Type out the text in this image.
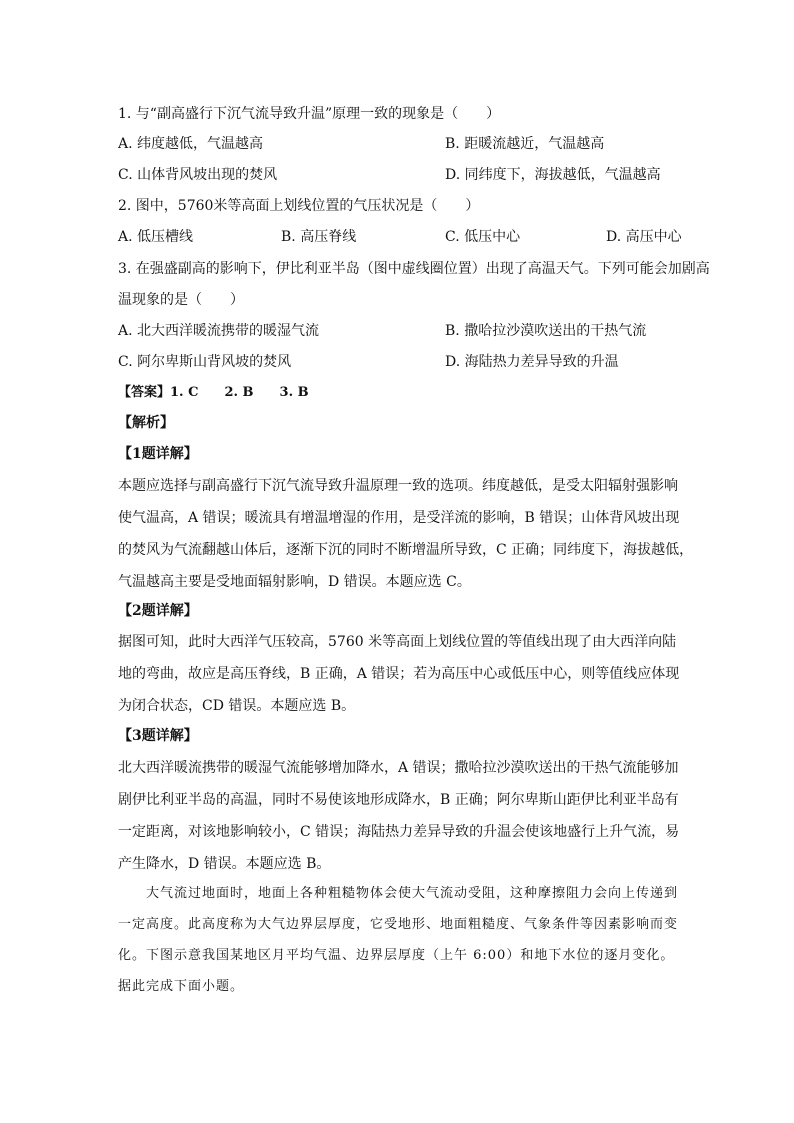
1. 与“副高盛行下沉气流导致升温”原理一致的现象是（　　）
A. 纬度越低，气温越高	B. 距暖流越近，气温越高
C. 山体背风坡出现的焚风	D. 同纬度下，海拔越低，气温越高
2. 图中，5760米等高面上划线位置的气压状况是（　　）
A. 低压槽线	B. 高压脊线	C. 低压中心	D. 高压中心
3. 在强盛副高的影响下，伊比利亚半岛（图中虚线圈位置）出现了高温天气。下列可能会加剧高
温现象的是（　　）
A. 北大西洋暖流携带的暖湿气流	B. 撒哈拉沙漠吹送出的干热气流
C. 阿尔卑斯山背风坡的焚风	D. 海陆热力差异导致的升温
【答案】1. C　　2. B　　3. B
【解析】
【1题详解】
本题应选择与副高盛行下沉气流导致升温原理一致的选项。纬度越低，是受太阳辐射强影响
使气温高，A 错误；暖流具有增温增湿的作用，是受洋流的影响，B 错误；山体背风坡出现
的焚风为气流翻越山体后，逐渐下沉的同时不断增温所导致，C 正确；同纬度下，海拔越低，
气温越高主要是受地面辐射影响，D 错误。本题应选 C。
【2题详解】
据图可知，此时大西洋气压较高，5760 米等高面上划线位置的等值线出现了由大西洋向陆
地的弯曲，故应是高压脊线，B 正确，A 错误；若为高压中心或低压中心，则等值线应体现
为闭合状态，CD 错误。本题应选 B。
【3题详解】
北大西洋暖流携带的暖湿气流能够增加降水，A 错误；撒哈拉沙漠吹送出的干热气流能够加
剧伊比利亚半岛的高温，同时不易使该地形成降水，B 正确；阿尔卑斯山距伊比利亚半岛有
一定距离，对该地影响较小，C 错误；海陆热力差异导致的升温会使该地盛行上升气流，易
产生降水，D 错误。本题应选 B。
　　大气流过地面时，地面上各种粗糙物体会使大气流动受阻，这种摩擦阻力会向上传递到
一定高度。此高度称为大气边界层厚度，它受地形、地面粗糙度、气象条件等因素影响而变
化。下图示意我国某地区月平均气温、边界层厚度（上午 6:00）和地下水位的逐月变化。
据此完成下面小题。
